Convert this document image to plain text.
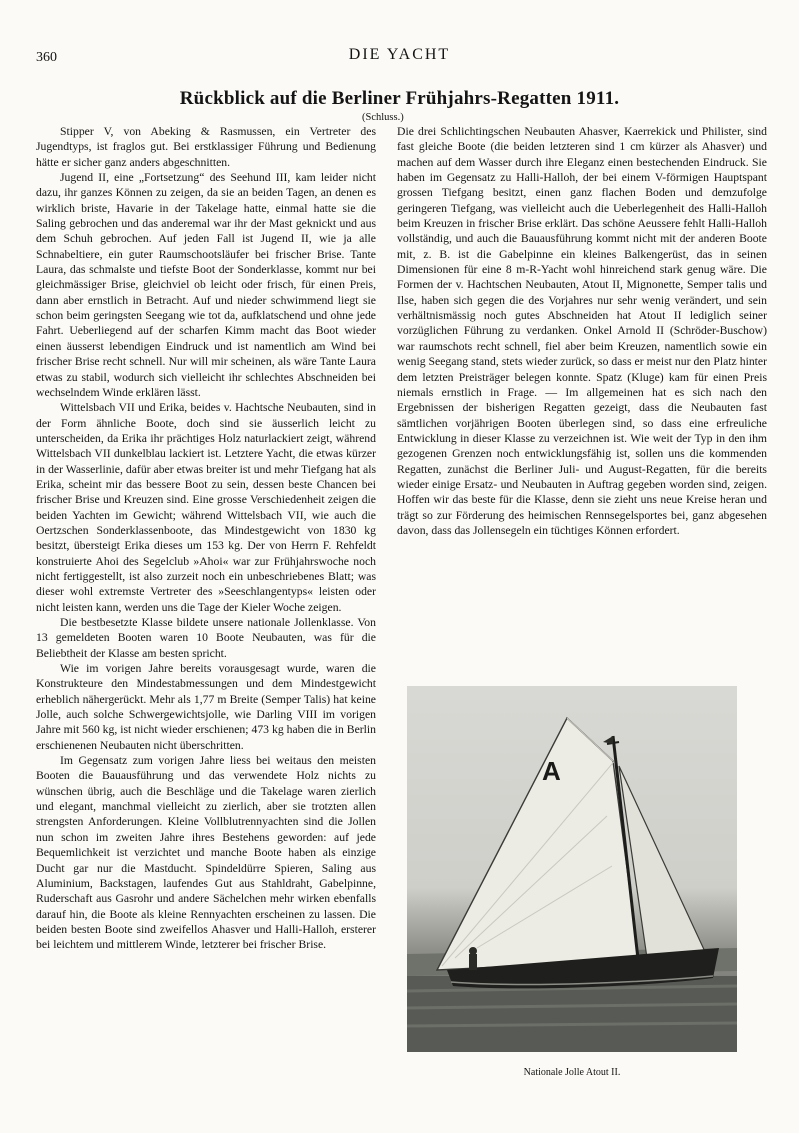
360	DIE YACHT
Rückblick auf die Berliner Frühjahrs-Regatten 1911.
(Schluss.)

Stipper V, von Abeking & Rasmussen, ein Vertreter des Jugendtyps, ist fraglos gut. Bei erstklassiger Führung und Bedienung hätte er sicher ganz anders abgeschnitten.

Jugend II, eine „Fortsetzung“ des Seehund III, kam leider nicht dazu, ihr ganzes Können zu zeigen, da sie an beiden Tagen, an denen es wirklich briste, Havarie in der Takelage hatte, einmal hatte sie die Saling gebrochen und das anderemal war ihr der Mast geknickt und aus dem Schuh gebrochen. Auf jeden Fall ist Jugend II, wie ja alle Schnabeltiere, ein guter Raumschootsläufer bei frischer Brise. Tante Laura, das schmalste und tiefste Boot der Sonderklasse, kommt nur bei gleichmässiger Brise, gleichviel ob leicht oder frisch, für einen Preis, dann aber ernstlich in Betracht. Auf und nieder schwimmend liegt sie schon beim geringsten Seegang wie tot da, aufklatschend und ohne jede Fahrt. Ueberliegend auf der scharfen Kimm macht das Boot wieder einen äusserst lebendigen Eindruck und ist namentlich am Wind bei frischer Brise recht schnell. Nur will mir scheinen, als wäre Tante Laura etwas zu stabil, wodurch sich vielleicht ihr schlechtes Abschneiden bei wechselndem Winde erklären lässt.

Wittelsbach VII und Erika, beides v. Hachtsche Neubauten, sind in der Form ähnliche Boote, doch sind sie äusserlich leicht zu unterscheiden, da Erika ihr prächtiges Holz naturlackiert zeigt, während Wittelsbach VII dunkelblau lackiert ist. Letztere Yacht, die etwas kürzer in der Wasserlinie, dafür aber etwas breiter ist und mehr Tiefgang hat als Erika, scheint mir das bessere Boot zu sein, dessen beste Chancen bei frischer Brise und Kreuzen sind. Eine grosse Verschiedenheit zeigen die beiden Yachten im Gewicht; während Wittelsbach VII, wie auch die Oertzschen Sonderklassenboote, das Mindestgewicht von 1830 kg besitzt, übersteigt Erika dieses um 153 kg. Der von Herrn F. Rehfeldt konstruierte Ahoi des Segelclub »Ahoi« war zur Frühjahrswoche noch nicht fertiggestellt, ist also zurzeit noch ein unbeschriebenes Blatt; was dieser wohl extremste Vertreter des »Seeschlangentyps« leisten oder nicht leisten kann, werden uns die Tage der Kieler Woche zeigen.

Die bestbesetzte Klasse bildete unsere nationale Jollenklasse. Von 13 gemeldeten Booten waren 10 Boote Neubauten, was für die Beliebtheit der Klasse am besten spricht.

Wie im vorigen Jahre bereits vorausgesagt wurde, waren die Konstrukteure den Mindestabmessungen und dem Mindestgewicht erheblich nähergerückt. Mehr als 1,77 m Breite (Semper Talis) hat keine Jolle, auch solche Schwergewichtsjolle, wie Darling VIII im vorigen Jahre mit 560 kg, ist nicht wieder erschienen; 473 kg haben die in Berlin erschienenen Neubauten nicht überschritten.

Im Gegensatz zum vorigen Jahre liess bei weitaus den meisten Booten die Bauausführung und das verwendete Holz nichts zu wünschen übrig, auch die Beschläge und die Takelage waren zierlich und elegant, manchmal vielleicht zu zierlich, aber sie trotzten allen strengsten Anforderungen. Kleine Vollblutrennyachten sind die Jollen nun schon im zweiten Jahre ihres Bestehens geworden: auf jede Bequemlichkeit ist verzichtet und manche Boote haben als einzige Ducht gar nur die Mastducht. Spindeldürre Spieren, Saling aus Aluminium, Backstagen, laufendes Gut aus Stahldraht, Gabelpinne, Ruderschaft aus Gasrohr und andere Sächelchen mehr wirken ebenfalls darauf hin, die Boote als kleine Rennyachten erscheinen zu lassen. Die beiden besten Boote sind zweifellos Ahasver und Halli-Halloh, ersterer bei leichtem und mittlerem Winde, letzterer bei frischer Brise.

Die drei Schlichtingschen Neubauten Ahasver, Kaerrekick und Philister, sind fast gleiche Boote (die beiden letzteren sind 1 cm kürzer als Ahasver) und machen auf dem Wasser durch ihre Eleganz einen bestechenden Eindruck. Sie haben im Gegensatz zu Halli-Halloh, der bei einem V-förmigen Hauptspant grossen Tiefgang besitzt, einen ganz flachen Boden und demzufolge geringeren Tiefgang, was vielleicht auch die Ueberlegenheit des Halli-Halloh beim Kreuzen in frischer Brise erklärt. Das schöne Aeussere fehlt Halli-Halloh vollständig, und auch die Bauausführung kommt nicht mit der anderen Boote mit, z. B. ist die Gabelpinne ein kleines Balkengerüst, das in seinen Dimensionen für eine 8 m-R-Yacht wohl hinreichend stark genug wäre. Die Formen der v. Hachtschen Neubauten, Atout II, Mignonette, Semper talis und Ilse, haben sich gegen die des Vorjahres nur sehr wenig verändert, und sein verhältnismässig noch gutes Abschneiden hat Atout II lediglich seiner vorzüglichen Führung zu verdanken. Onkel Arnold II (Schröder-Buschow) war raumschots recht schnell, fiel aber beim Kreuzen, namentlich sowie ein wenig Seegang stand, stets wieder zurück, so dass er meist nur den Platz hinter dem letzten Preisträger belegen konnte. Spatz (Kluge) kam für einen Preis niemals ernstlich in Frage. — Im allgemeinen hat es sich nach den Ergebnissen der bisherigen Regatten gezeigt, dass die Neubauten fast sämtlichen vorjährigen Booten überlegen sind, so dass eine erfreuliche Entwicklung in dieser Klasse zu verzeichnen ist. Wie weit der Typ in den ihm gezogenen Grenzen noch entwicklungsfähig ist, sollen uns die kommenden Regatten, zunächst die Berliner Juli- und August-Regatten, für die bereits wieder einige Ersatz- und Neubauten in Auftrag gegeben worden sind, zeigen. Hoffen wir das beste für die Klasse, denn sie zieht uns neue Kreise heran und trägt so zur Förderung des heimischen Rennsegelsportes bei, ganz abgesehen davon, dass das Jollensegeln ein tüchtiges Können erfordert.

A
Nationale Jolle Atout II.
